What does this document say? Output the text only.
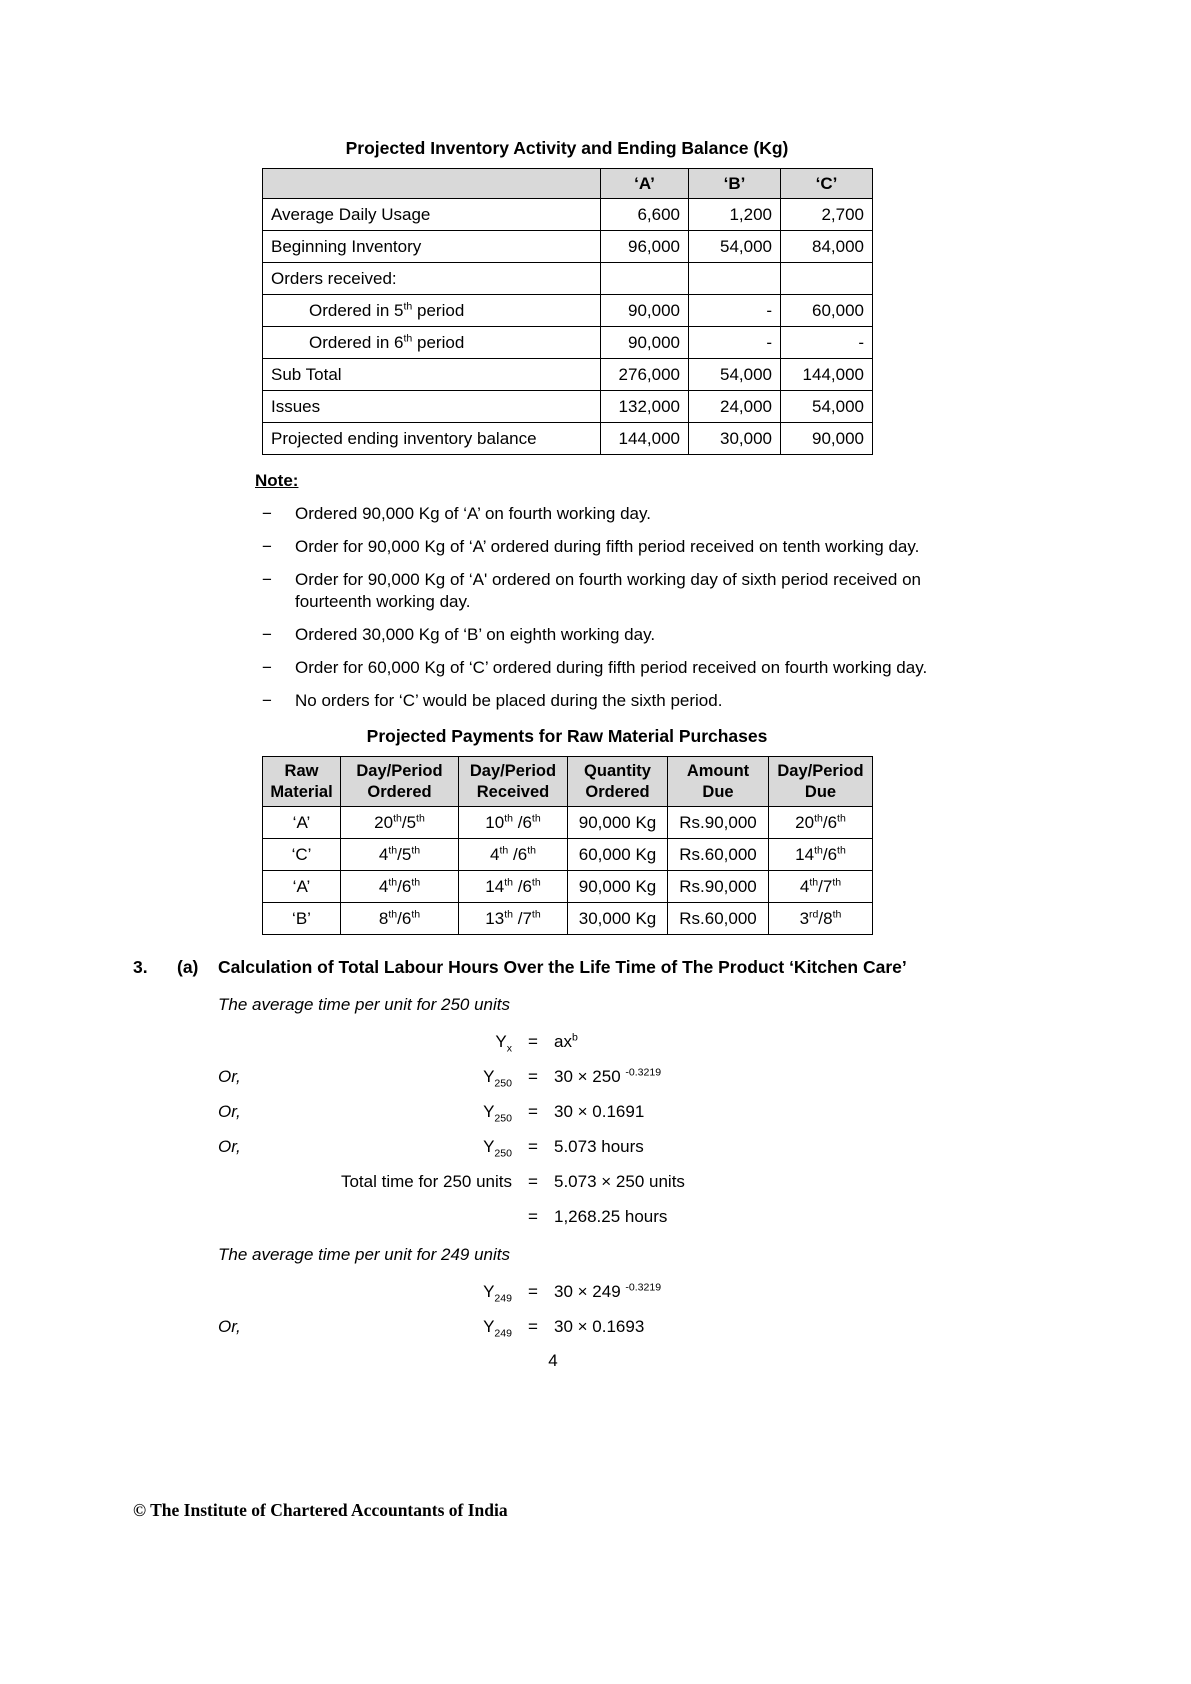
Projected Inventory Activity and Ending Balance (Kg)
	‘A’	‘B’	‘C’
Average Daily Usage	6,600	1,200	2,700
Beginning Inventory	96,000	54,000	84,000
Orders received:			
Ordered in 5th period	90,000	-	60,000
Ordered in 6th period	90,000	-	-
Sub Total	276,000	54,000	144,000
Issues	132,000	24,000	54,000
Projected ending inventory balance	144,000	30,000	90,000
Note:
−	Ordered 90,000 Kg of ‘A’ on fourth working day.
−	Order for 90,000 Kg of ‘A’ ordered during fifth period received on tenth working day.
−	Order for 90,000 Kg of ‘A' ordered on fourth working day of sixth period received on fourteenth working day.
−	Ordered 30,000 Kg of ‘B’ on eighth working day.
−	Order for 60,000 Kg of ‘C’ ordered during fifth period received on fourth working day.
−	No orders for ‘C’ would be placed during the sixth period.
Projected Payments for Raw Material Purchases
Raw Material	Day/Period Ordered	Day/Period Received	Quantity Ordered	Amount Due	Day/Period Due
‘A’	20th/5th	10th /6th	90,000 Kg	Rs.90,000	20th/6th
‘C’	4th/5th	4th /6th	60,000 Kg	Rs.60,000	14th/6th
‘A’	4th/6th	14th /6th	90,000 Kg	Rs.90,000	4th/7th
‘B’	8th/6th	13th /7th	30,000 Kg	Rs.60,000	3rd/8th
3.	(a)	Calculation of Total Labour Hours Over the Life Time of The Product ‘Kitchen Care’
The average time per unit for 250 units
$Y_x = ax^b$
Or,	$Y_{250} = 30 \times 250$ $^{-0.3219}$
Or,	$Y_{250} = 30 \times 0.1691$
Or,	$Y_{250} = 5.073$ hours
Total time for 250 units = 5.073 × 250 units
= 1,268.25 hours
The average time per unit for 249 units
$Y_{249} = 30 \times 249$ $^{-0.3219}$
Or,	$Y_{249} = 30 \times 0.1693$
4
© The Institute of Chartered Accountants of India
